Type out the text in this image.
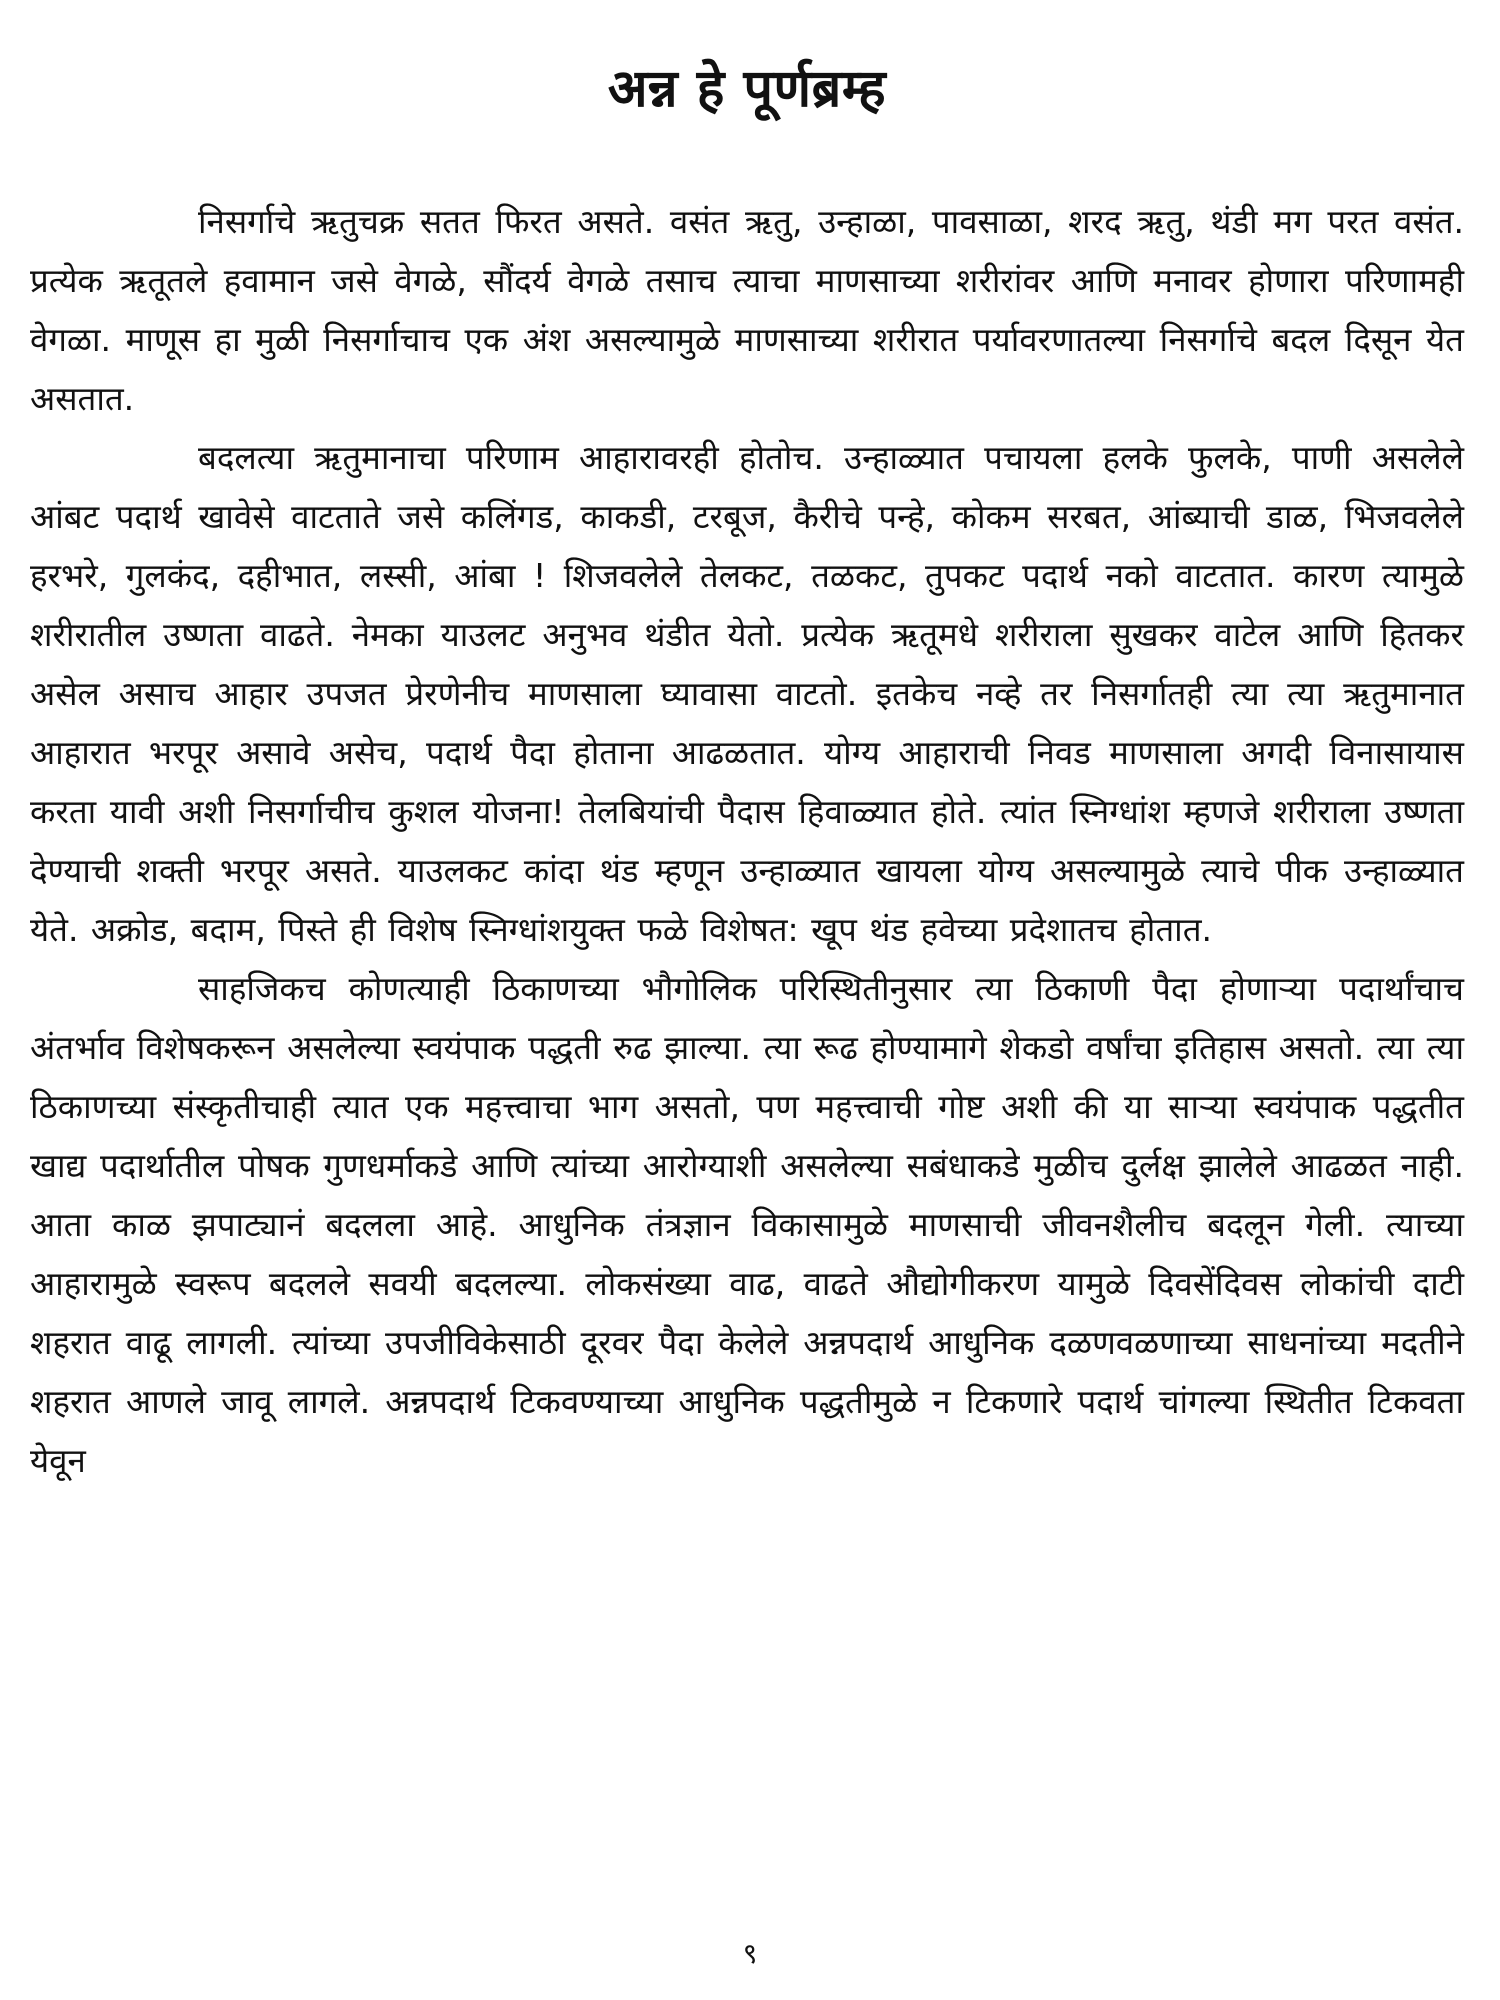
अन्न हे पूर्णब्रम्ह

निसर्गाचे ऋतुचक्र सतत फिरत असते. वसंत ऋतु, उन्हाळा, पावसाळा, शरद ऋतु, थंडी मग परत वसंत. प्रत्येक ऋतूतले हवामान जसे वेगळे, सौंदर्य वेगळे तसाच त्याचा माणसाच्या शरीरांवर आणि मनावर होणारा परिणामही वेगळा. माणूस हा मुळी निसर्गाचाच एक अंश असल्यामुळे माणसाच्या शरीरात पर्यावरणातल्या निसर्गाचे बदल दिसून येत असतात.

बदलत्या ऋतुमानाचा परिणाम आहारावरही होतोच. उन्हाळ्यात पचायला हलके फुलके, पाणी असलेले आंबट पदार्थ खावेसे वाटताते जसे कलिंगड, काकडी, टरबूज, कैरीचे पन्हे, कोकम सरबत, आंब्याची डाळ, भिजवलेले हरभरे, गुलकंद, दहीभात, लस्सी, आंबा ! शिजवलेले तेलकट, तळकट, तुपकट पदार्थ नको वाटतात. कारण त्यामुळे शरीरातील उष्णता वाढते. नेमका याउलट अनुभव थंडीत येतो. प्रत्येक ऋतूमधे शरीराला सुखकर वाटेल आणि हितकर असेल असाच आहार उपजत प्रेरणेनीच माणसाला घ्यावासा वाटतो. इतकेच नव्हे तर निसर्गातही त्या त्या ऋतुमानात आहारात भरपूर असावे असेच, पदार्थ पैदा होताना आढळतात. योग्य आहाराची निवड माणसाला अगदी विनासायास करता यावी अशी निसर्गाचीच कुशल योजना! तेलबियांची पैदास हिवाळ्यात होते. त्यांत स्निग्धांश म्हणजे शरीराला उष्णता देण्याची शक्ती भरपूर असते. याउलकट कांदा थंड म्हणून उन्हाळ्यात खायला योग्य असल्यामुळे त्याचे पीक उन्हाळ्यात येते. अक्रोड, बदाम, पिस्ते ही विशेष स्निग्धांशयुक्त फळे विशेषत: खूप थंड हवेच्या प्रदेशातच होतात.

साहजिकच कोणत्याही ठिकाणच्या भौगोलिक परिस्थितीनुसार त्या ठिकाणी पैदा होणाऱ्या पदार्थांचाच अंतर्भाव विशेषकरून असलेल्या स्वयंपाक पद्धती रुढ झाल्या. त्या रूढ होण्यामागे शेकडो वर्षांचा इतिहास असतो. त्या त्या ठिकाणच्या संस्कृतीचाही त्यात एक महत्त्वाचा भाग असतो, पण महत्त्वाची गोष्ट अशी की या साऱ्या स्वयंपाक पद्धतीत खाद्य पदार्थातील पोषक गुणधर्माकडे आणि त्यांच्या आरोग्याशी असलेल्या सबंधाकडे मुळीच दुर्लक्ष झालेले आढळत नाही. आता काळ झपाट्यानं बदलला आहे. आधुनिक तंत्रज्ञान विकासामुळे माणसाची जीवनशैलीच बदलून गेली. त्याच्या आहारामुळे स्वरूप बदलले सवयी बदलल्या. लोकसंख्या वाढ, वाढते औद्योगीकरण यामुळे दिवसेंदिवस लोकांची दाटी शहरात वाढू लागली. त्यांच्या उपजीविकेसाठी दूरवर पैदा केलेले अन्नपदार्थ आधुनिक दळणवळणाच्या साधनांच्या मदतीने शहरात आणले जावू लागले. अन्नपदार्थ टिकवण्याच्या आधुनिक पद्धतीमुळे न टिकणारे पदार्थ चांगल्या स्थितीत टिकवता येवून

९
